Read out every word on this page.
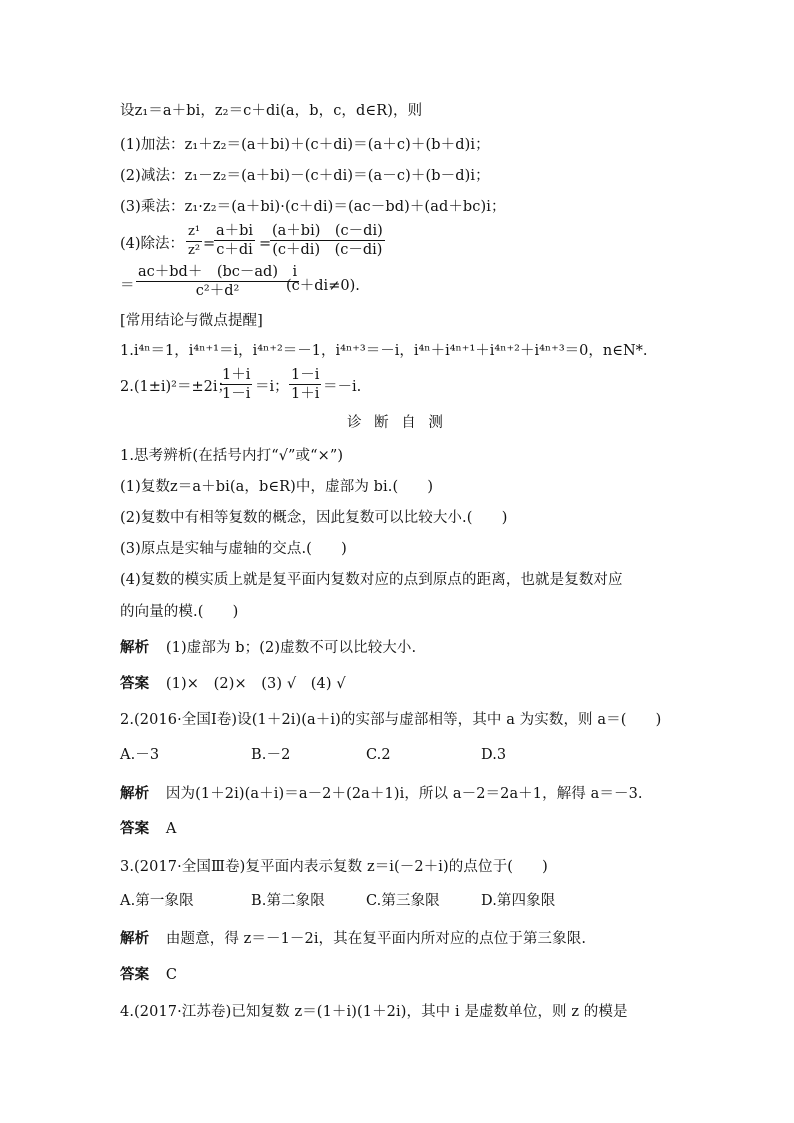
设z₁＝a＋bi，z₂＝c＋di(a，b，c，d∈R)，则
(1)加法：z₁＋z₂＝(a＋bi)＋(c＋di)＝(a＋c)＋(b＋d)i；
(2)减法：z₁－z₂＝(a＋bi)－(c＋di)＝(a－c)＋(b－d)i；
(3)乘法：z₁·z₂＝(a＋bi)·(c＋di)＝(ac－bd)＋(ad＋bc)i；
(4)除法：
z¹
z² =
a＋bi
c＋di =
(a＋bi)　(c－di)
(c＋di)　(c－di)
＝
ac＋bd＋　(bc－ad)　i
c²＋d²	(c＋di≠0).
[常用结论与微点提醒]
1.i⁴ⁿ＝1，i⁴ⁿ⁺¹＝i，i⁴ⁿ⁺²＝－1，i⁴ⁿ⁺³＝－i，i⁴ⁿ＋i⁴ⁿ⁺¹＋i⁴ⁿ⁺²＋i⁴ⁿ⁺³＝0，n∈N*.
2.(1±i)²＝±2i；
1＋i
1－i ＝i；
1－i
1＋i ＝－i.
诊 断 自 测
1.思考辨析(在括号内打“√”或“×”)
(1)复数z＝a＋bi(a，b∈R)中，虚部为 bi.(　　)
(2)复数中有相等复数的概念，因此复数可以比较大小.(　　)
(3)原点是实轴与虚轴的交点.(　　)
(4)复数的模实质上就是复平面内复数对应的点到原点的距离，也就是复数对应
的向量的模.(　　)
解析 (1)虚部为 b；(2)虚数不可以比较大小.
答案 (1)×　(2)×　(3) √　(4) √
2.(2016·全国Ⅰ卷)设(1＋2i)(a＋i)的实部与虚部相等，其中 a 为实数，则 a＝(　　)
A.－3	B.－2	C.2	D.3
解析 因为(1＋2i)(a＋i)＝a－2＋(2a＋1)i，所以 a－2＝2a＋1，解得 a＝－3.
答案 A
3.(2017·全国Ⅲ卷)复平面内表示复数 z＝i(－2＋i)的点位于(　　)
A.第一象限	B.第二象限	C.第三象限	D.第四象限
解析 由题意，得 z＝－1－2i，其在复平面内所对应的点位于第三象限.
答案 C
4.(2017·江苏卷)已知复数 z＝(1＋i)(1＋2i)，其中 i 是虚数单位，则 z 的模是
